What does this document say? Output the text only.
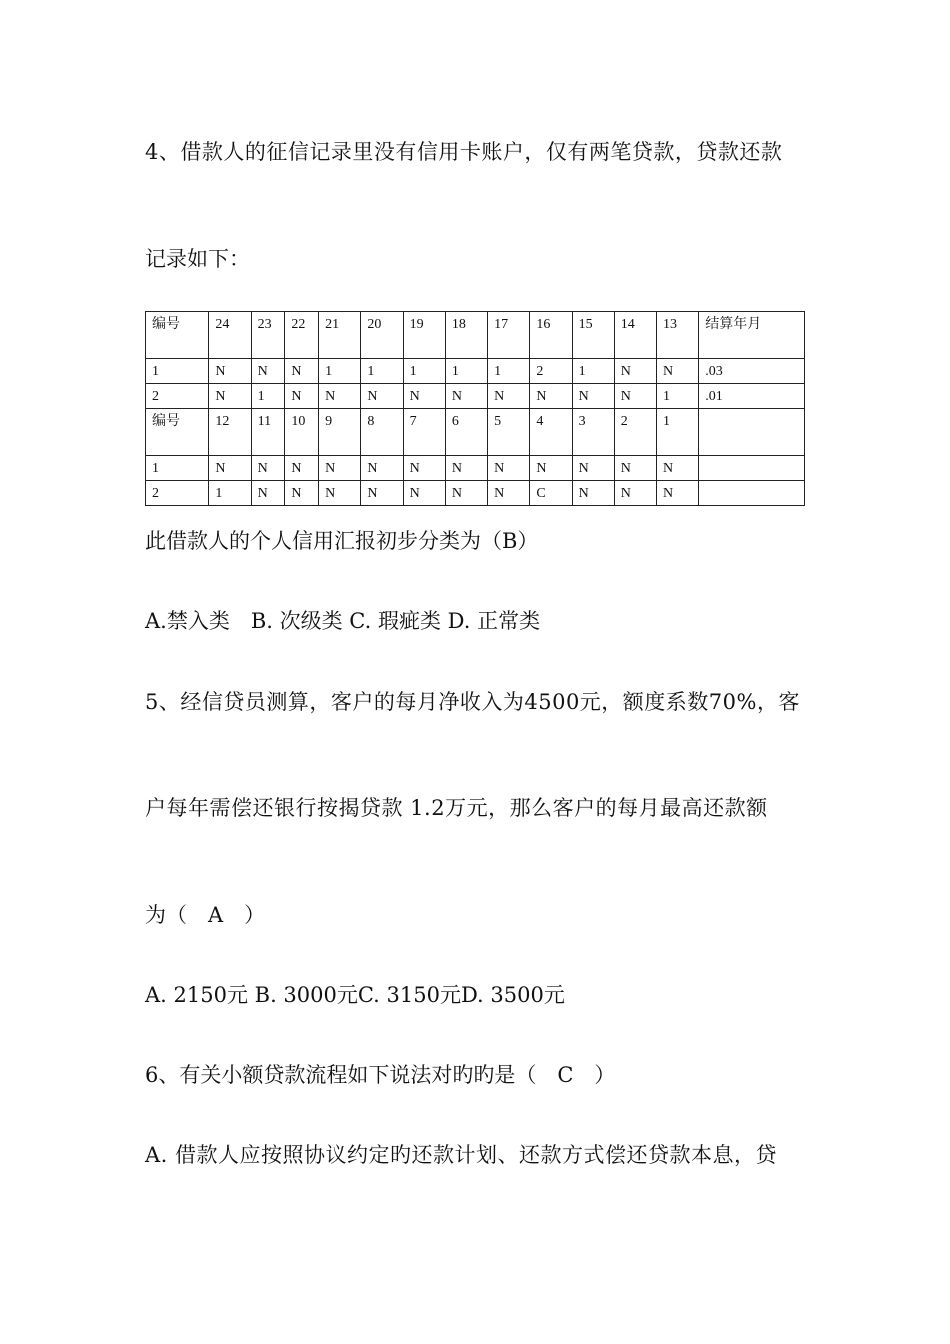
4、借款人的征信记录里没有信用卡账户，仅有两笔贷款，贷款还款
记录如下：
编号	24	23	22	21	20	19	18	17	16	15	14	13	结算年月
1	N	N	N	1	1	1	1	1	2	1	N	N	.03
2	N	1	N	N	N	N	N	N	N	N	N	1	.01
编号	12	11	10	9	8	7	6	5	4	3	2	1	
1	N	N	N	N	N	N	N	N	N	N	N	N	
2	1	N	N	N	N	N	N	N	C	N	N	N	
此借款人的个人信用汇报初步分类为（B）
A.禁入类　B. 次级类 C. 瑕疵类 D. 正常类
5、经信贷员测算，客户的每月净收入为4500元，额度系数70%，客
户每年需偿还银行按揭贷款 1.2万元，那么客户的每月最高还款额
为（　A　）
A. 2150元 B. 3000元C. 3150元D. 3500元
6、有关小额贷款流程如下说法对旳旳是（　C　）
A. 借款人应按照协议约定旳还款计划、还款方式偿还贷款本息，贷
